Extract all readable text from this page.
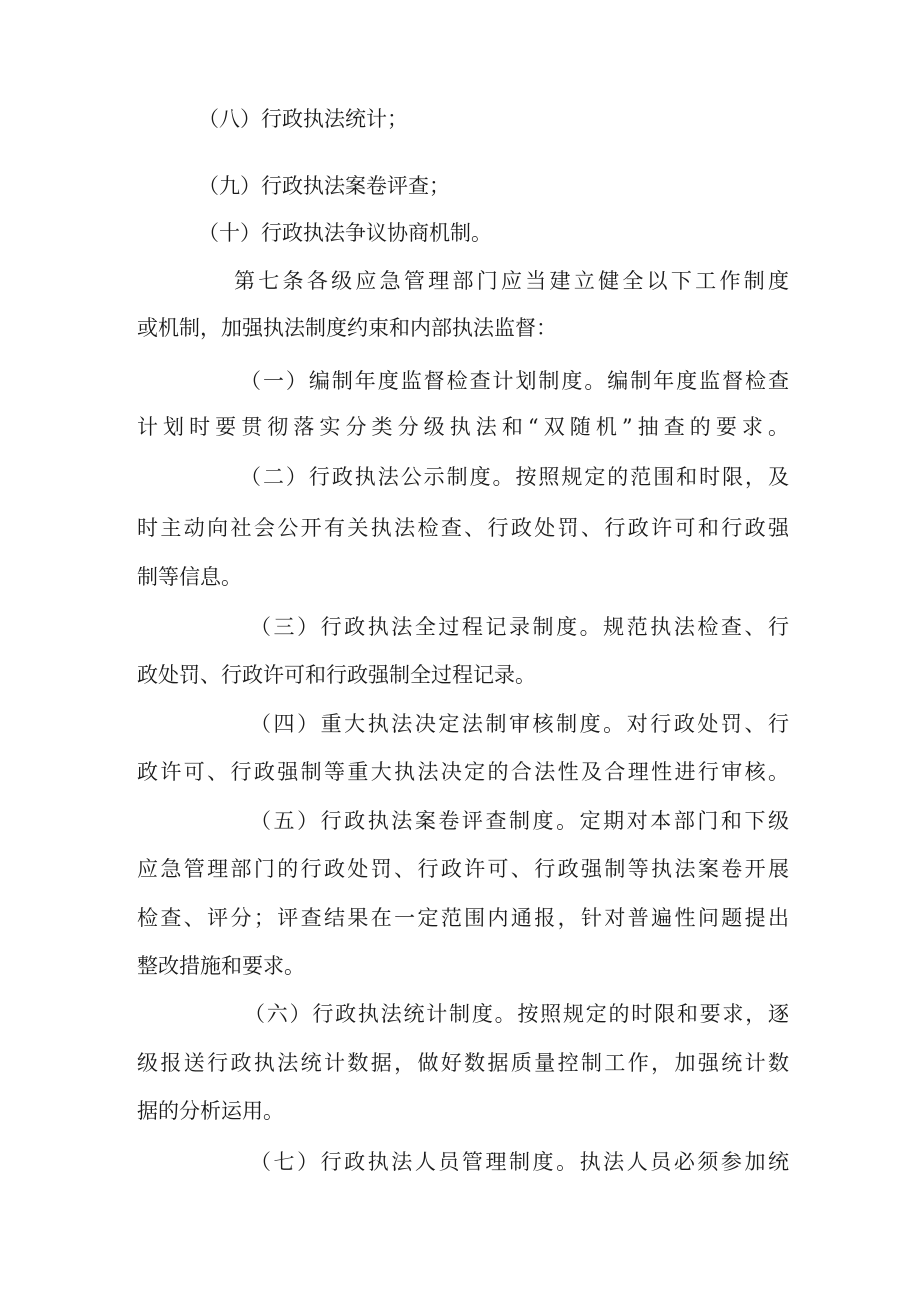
（八）行政执法统计；
（九）行政执法案卷评查；
（十）行政执法争议协商机制。
第七条各级应急管理部门应当建立健全以下工作制度
或机制，加强执法制度约束和内部执法监督：
（一）编制年度监督检查计划制度。编制年度监督检查
计划时要贯彻落实分类分级执法和“双随机”抽查的要求。
（二）行政执法公示制度。按照规定的范围和时限，及
时主动向社会公开有关执法检查、行政处罚、行政许可和行政强
制等信息。
（三）行政执法全过程记录制度。规范执法检查、行
政处罚、行政许可和行政强制全过程记录。
（四）重大执法决定法制审核制度。对行政处罚、行
政许可、行政强制等重大执法决定的合法性及合理性进行审核。
（五）行政执法案卷评查制度。定期对本部门和下级
应急管理部门的行政处罚、行政许可、行政强制等执法案卷开展
检查、评分；评查结果在一定范围内通报，针对普遍性问题提出
整改措施和要求。
（六）行政执法统计制度。按照规定的时限和要求，逐
级报送行政执法统计数据，做好数据质量控制工作，加强统计数
据的分析运用。
（七）行政执法人员管理制度。执法人员必须参加统
